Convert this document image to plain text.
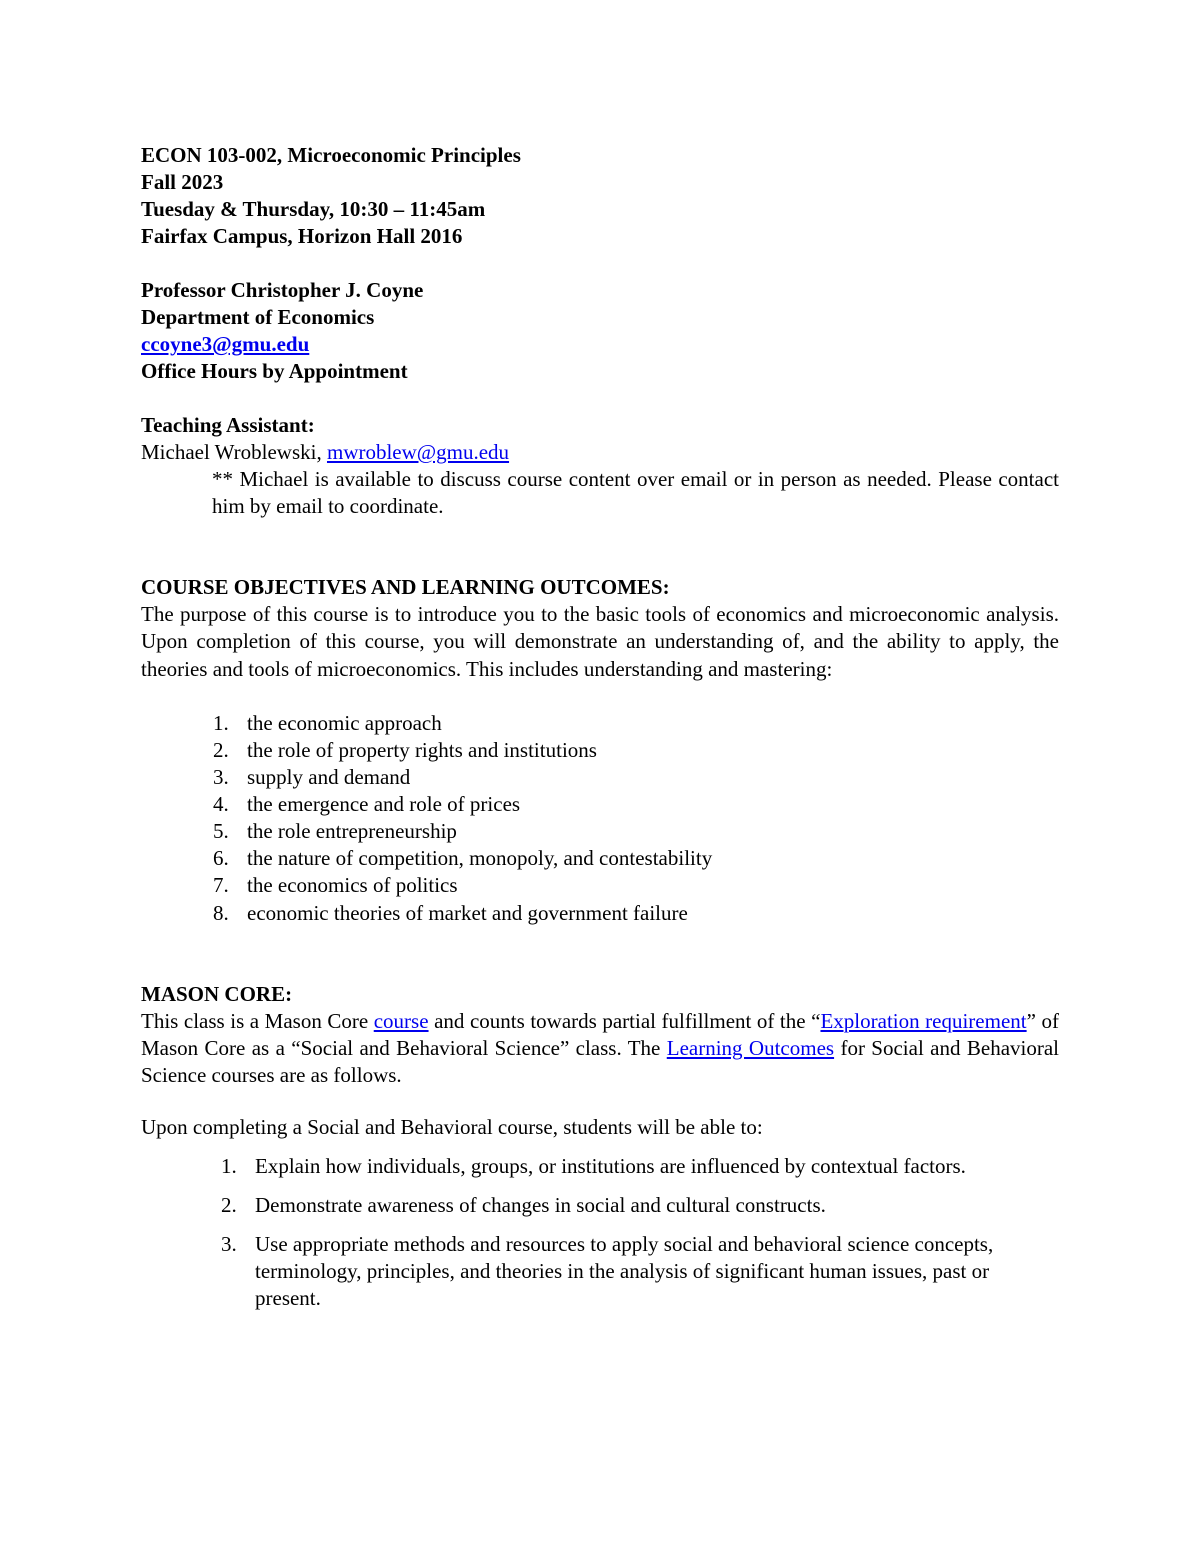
ECON 103-002, Microeconomic Principles
Fall 2023
Tuesday & Thursday, 10:30 – 11:45am
Fairfax Campus, Horizon Hall 2016
Professor Christopher J. Coyne
Department of Economics
ccoyne3@gmu.edu
Office Hours by Appointment
Teaching Assistant:
Michael Wroblewski, mwroblew@gmu.edu
** Michael is available to discuss course content over email or in person as needed. Please contact him by email to coordinate.
COURSE OBJECTIVES AND LEARNING OUTCOMES:
The purpose of this course is to introduce you to the basic tools of economics and microeconomic analysis. Upon completion of this course, you will demonstrate an understanding of, and the ability to apply, the theories and tools of microeconomics. This includes understanding and mastering:
1. the economic approach
2. the role of property rights and institutions
3. supply and demand
4. the emergence and role of prices
5. the role entrepreneurship
6. the nature of competition, monopoly, and contestability
7. the economics of politics
8. economic theories of market and government failure
MASON CORE:
This class is a Mason Core course and counts towards partial fulfillment of the “Exploration requirement” of Mason Core as a “Social and Behavioral Science” class. The Learning Outcomes for Social and Behavioral Science courses are as follows.
Upon completing a Social and Behavioral course, students will be able to:
1. Explain how individuals, groups, or institutions are influenced by contextual factors.
2. Demonstrate awareness of changes in social and cultural constructs.
3. Use appropriate methods and resources to apply social and behavioral science concepts, terminology, principles, and theories in the analysis of significant human issues, past or present.
